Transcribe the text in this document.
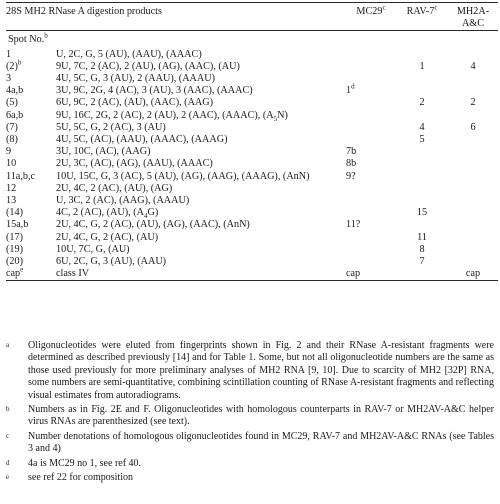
28S MH2 RNase A digestion products		MC29$^c$	RAV-7$^c$	MH2A-
A&C

Spot No.$^b$
1	U, 2C, G, 5 (AU), (AAU), (AAAC)			
$(2)^b$	9U, 7C, 2 (AC), 2 (AU), (AG), (AAC), (AU)		1	4
3	4U, 5C, G, 3 (AU), 2 (AAU), (AAAU)			
4a,b	3U, 9C, 2G, 4 (AC), 3 (AU), 3 (AAC), (AAAC)	1$^d$		
(5)	6U, 9C, 2 (AC), (AU), (AAC), (AAG)		2	2
6a,b	9U, 16C, 2G, 2 (AC), 2 (AU), 2 (AAC), (AAAC), $(A_5N)$			
(7)	5U, 5C, G, 2 (AC), 3 (AU)		4	6
(8)	4U, 5C, (AC), (AAU), (AAAC), (AAAG)		5	
9	3U, 10C, (AC), (AAG)	7b		
10	2U, 3C, (AC), (AG), (AAU), (AAAC)	8b		
11a,b,c	10U, 15C, G, 3 (AC), 5 (AU), (AG), (AAG), (AAAG), (AnN)	9?		
12	2U, 4C, 2 (AC), (AU), (AG)			
13	U, 3C, 2 (AC), (AAG), (AAAU)			
(14)	4C, 2 (AC), (AU), $(A_4G)$		15	
15a,b	2U, 4C, G, 2 (AC), (AU), (AG), (AAC), (AnN)	11?		
(17)	2U, 4C, G, 2 (AC), (AU)		11	
(19)	10U, 7C, G, (AU)		8	
(20)	6U, 2C, G, 3 (AU), (AAU)		7	
cap$^e$	class IV	cap		cap

a	Oligonucleotides were eluted from fingerprints shown in Fig. 2 and their RNase A-resistant fragments were determined as described previously [14] and for Table 1. Some, but not all oligonucleotide numbers are the same as those used previously for more preliminary analyses of MH2 RNA [9, 10]. Due to scarcity of MH2 [32P] RNA, some numbers are semi-quantitative, combining scintillation counting of RNase A-resistant fragments and reflecting visual estimates from autoradiograms.
b	Numbers as in Fig. 2E and F. Oligonucleotides with homologous counterparts in RAV-7 or MH2AV-A&C helper virus RNAs are parenthesized (see text).
c	Number denotations of homologous oligonucleotides found in MC29, RAV-7 and MH2AV-A&C RNAs (see Tables 3 and 4)
d	4a is MC29 no 1, see ref 40.
e	see ref 22 for composition
